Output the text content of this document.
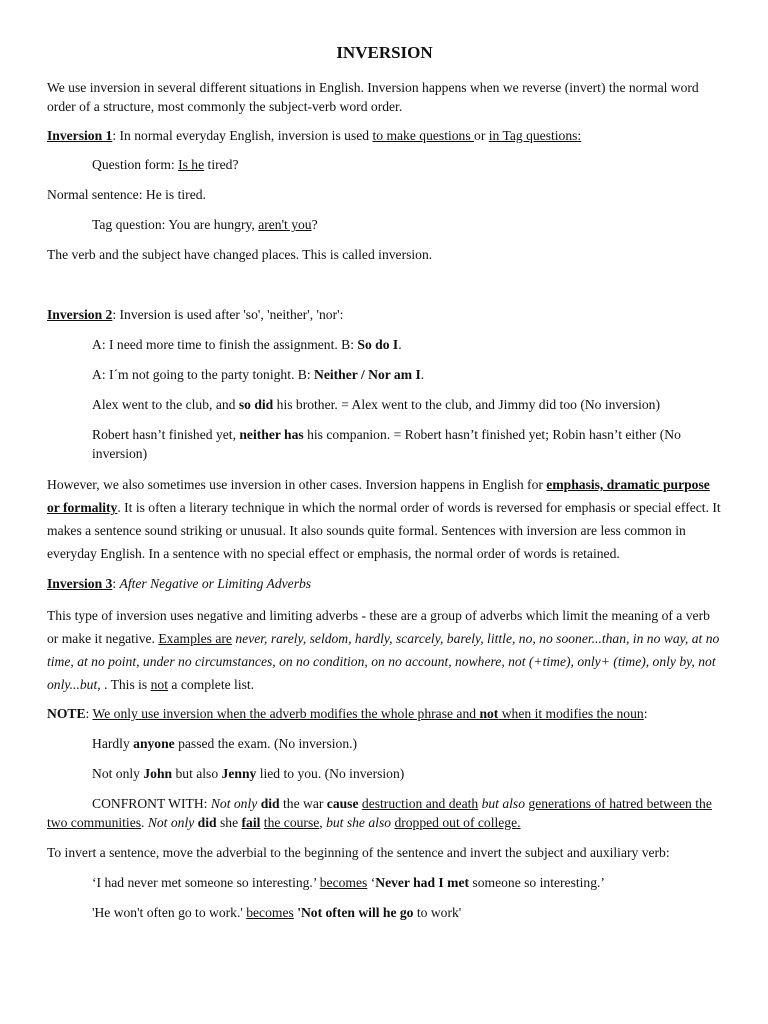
INVERSION

We use inversion in several different situations in English. Inversion happens when we reverse (invert) the normal word order of a structure, most commonly the subject-verb word order.

Inversion 1: In normal everyday English, inversion is used to make questions or in Tag questions:

Question form: Is he tired?

Normal sentence: He is tired.

Tag question: You are hungry, aren't you?

The verb and the subject have changed places. This is called inversion.

Inversion 2: Inversion is used after 'so', 'neither', 'nor':

A: I need more time to finish the assignment. B: So do I.

A: I´m not going to the party tonight. B: Neither / Nor am I.

Alex went to the club, and so did his brother. = Alex went to the club, and Jimmy did too (No inversion)

Robert hasn’t finished yet, neither has his companion. = Robert hasn’t finished yet; Robin hasn’t either (No inversion)

However, we also sometimes use inversion in other cases. Inversion happens in English for emphasis, dramatic purpose or formality. It is often a literary technique in which the normal order of words is reversed for emphasis or special effect. It makes a sentence sound striking or unusual. It also sounds quite formal. Sentences with inversion are less common in everyday English. In a sentence with no special effect or emphasis, the normal order of words is retained.

Inversion 3: After Negative or Limiting Adverbs

This type of inversion uses negative and limiting adverbs - these are a group of adverbs which limit the meaning of a verb or make it negative. Examples are never, rarely, seldom, hardly, scarcely, barely, little, no, no sooner...than, in no way, at no time, at no point, under no circumstances, on no condition, on no account, nowhere, not (+time), only+ (time), only by, not only...but, . This is not a complete list.

NOTE: We only use inversion when the adverb modifies the whole phrase and not when it modifies the noun:

Hardly anyone passed the exam. (No inversion.)

Not only John but also Jenny lied to you. (No inversion)

CONFRONT WITH: Not only did the war cause destruction and death but also generations of hatred between the two communities. Not only did she fail the course, but she also dropped out of college.

To invert a sentence, move the adverbial to the beginning of the sentence and invert the subject and auxiliary verb:

‘I had never met someone so interesting.’ becomes ‘Never had I met someone so interesting.’

'He won't often go to work.' becomes 'Not often will he go to work'
